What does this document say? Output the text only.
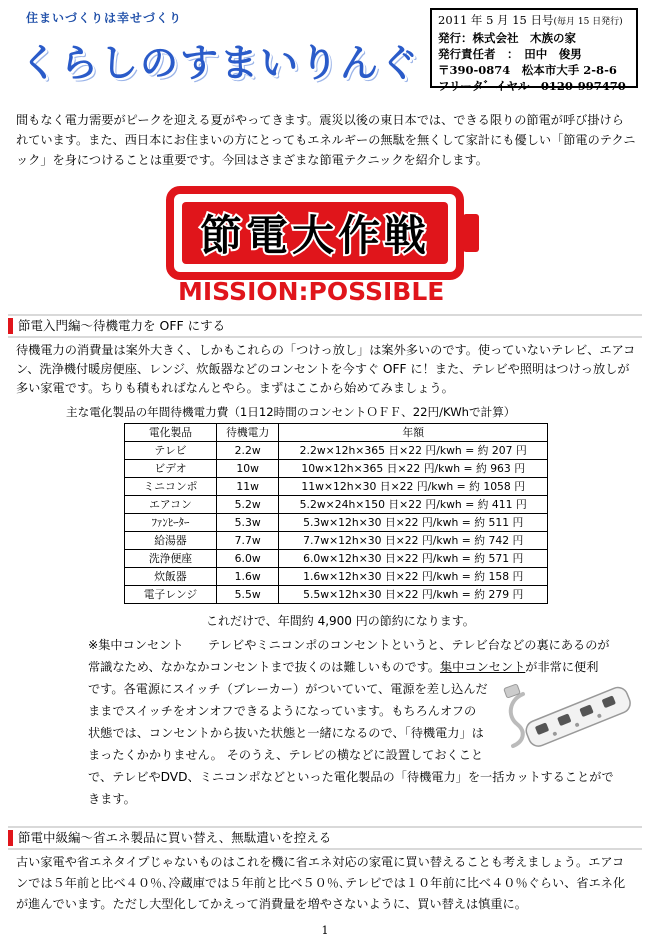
住まいづくりは幸せづくり
くらしのすまいりんぐ
2011 年 5 月 15 日号(毎月 15 日発行)
発行：株式会社　木族の家
発行責任者　：　田中　俊男
〒390-0874　松本市大手 2-8-6
フリータ゛イヤル　0120-997470
間もなく電力需要がピークを迎える夏がやってきます。震災以後の東日本では、できる限りの節電が呼び掛けられています。また、西日本にお住まいの方にとってもエネルギーの無駄を無くして家計にも優しい「節電のテクニック」を身につけることは重要です。今回はさまざまな節電テクニックを紹介します。
節電大作戦
MISSION:POSSIBLE
節電入門編～待機電力を OFF にする
待機電力の消費量は案外大きく、しかもこれらの「つけっ放し」は案外多いのです。使っていないテレビ、エアコン、洗浄機付暖房便座、レンジ、炊飯器などのコンセントを今すぐ OFF に！また、テレビや照明はつけっ放しが多い家電です。ちりも積もればなんとやら。まずはここから始めてみましょう。
主な電化製品の年間待機電力費（1日12時間のコンセントＯＦＦ、22円/KWhで計算）
電化製品	待機電力	年額
テレビ	2.2w	2.2w×12h×365 日×22 円/kwh = 約 207 円
ビデオ	10w	10w×12h×365 日×22 円/kwh = 約 963 円
ミニコンポ	11w	11w×12h×30 日×22 円/kwh = 約 1058 円
エアコン	5.2w	5.2w×24h×150 日×22 円/kwh = 約 411 円
ﾌｧﾝﾋｰﾀｰ	5.3w	5.3w×12h×30 日×22 円/kwh = 約 511 円
給湯器	7.7w	7.7w×12h×30 日×22 円/kwh = 約 742 円
洗浄便座	6.0w	6.0w×12h×30 日×22 円/kwh = 約 571 円
炊飯器	1.6w	1.6w×12h×30 日×22 円/kwh = 約 158 円
電子レンジ	5.5w	5.5w×12h×30 日×22 円/kwh = 約 279 円
これだけで、年間約 4,900 円の節約になります。
※集中コンセント　　テレビやミニコンポのコンセントというと、テレビ台などの裏にあるのが
常識なため、なかなかコンセントまで抜くのは難しいものです。集中コンセントが非常に便利
です。各電源にスイッチ（ブレーカー）がついていて、電源を差し込んだ
ままでスイッチをオンオフできるようになっています。もちろんオフの
状態では、コンセントから抜いた状態と一緒になるので、「待機電力」は
まったくかかりません。 そのうえ、テレビの横などに設置しておくこと
で、テレビやDVD、ミニコンポなどといった電化製品の「待機電力」を一括カットすることがで
きます。
節電中級編～省エネ製品に買い替え、無駄遣いを控える
古い家電や省エネタイプじゃないものはこれを機に省エネ対応の家電に買い替えることも考えましょう。エアコンでは５年前と比べ４０％､冷蔵庫では５年前と比べ５０％､テレビでは１０年前に比べ４０％ぐらい、省エネ化が進んでいます。ただし大型化してかえって消費量を増やさないように、買い替えは慎重に。
1
